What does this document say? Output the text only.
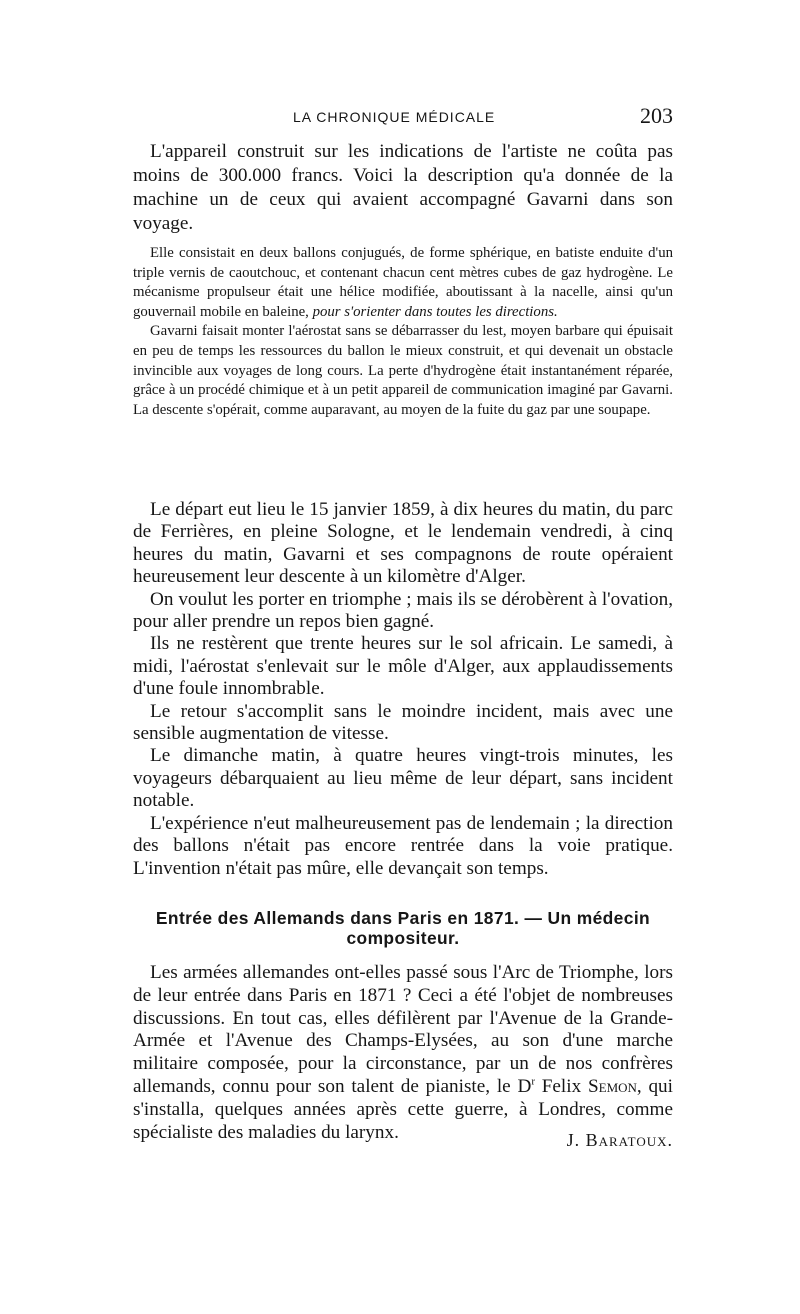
LA CHRONIQUE MÉDICALE	203

L'appareil construit sur les indications de l'artiste ne coûta pas moins de 300.000 francs. Voici la description qu'a donnée de la machine un de ceux qui avaient accompagné Gavarni dans son voyage.

Elle consistait en deux ballons conjugués, de forme sphérique, en batiste enduite d'un triple vernis de caoutchouc, et contenant chacun cent mètres cubes de gaz hydrogène. Le mécanisme propulseur était une hélice modifiée, aboutissant à la nacelle, ainsi qu'un gouvernail mobile en baleine, pour s'orienter dans toutes les directions.

Gavarni faisait monter l'aérostat sans se débarrasser du lest, moyen barbare qui épuisait en peu de temps les ressources du ballon le mieux construit, et qui devenait un obstacle invincible aux voyages de long cours. La perte d'hydrogène était instantanément réparée, grâce à un procédé chimique et à un petit appareil de communication imaginé par Gavarni. La descente s'opérait, comme auparavant, au moyen de la fuite du gaz par une soupape.

Le départ eut lieu le 15 janvier 1859, à dix heures du matin, du parc de Ferrières, en pleine Sologne, et le lendemain vendredi, à cinq heures du matin, Gavarni et ses compagnons de route opéraient heureusement leur descente à un kilomètre d'Alger.

On voulut les porter en triomphe ; mais ils se dérobèrent à l'ovation, pour aller prendre un repos bien gagné.

Ils ne restèrent que trente heures sur le sol africain. Le samedi, à midi, l'aérostat s'enlevait sur le môle d'Alger, aux applaudissements d'une foule innombrable.

Le retour s'accomplit sans le moindre incident, mais avec une sensible augmentation de vitesse.

Le dimanche matin, à quatre heures vingt-trois minutes, les voyageurs débarquaient au lieu même de leur départ, sans incident notable.

L'expérience n'eut malheureusement pas de lendemain ; la direction des ballons n'était pas encore rentrée dans la voie pratique. L'invention n'était pas mûre, elle devançait son temps.

Entrée des Allemands dans Paris en 1871. — Un médecin compositeur.

Les armées allemandes ont-elles passé sous l'Arc de Triomphe, lors de leur entrée dans Paris en 1871 ? Ceci a été l'objet de nombreuses discussions. En tout cas, elles défilèrent par l'Avenue de la Grande-Armée et l'Avenue des Champs-Elysées, au son d'une marche militaire composée, pour la circonstance, par un de nos confrères allemands, connu pour son talent de pianiste, le $D^r$ Felix Semon, qui s'installa, quelques années après cette guerre, à Londres, comme spécialiste des maladies du larynx.	J. Baratoux.
